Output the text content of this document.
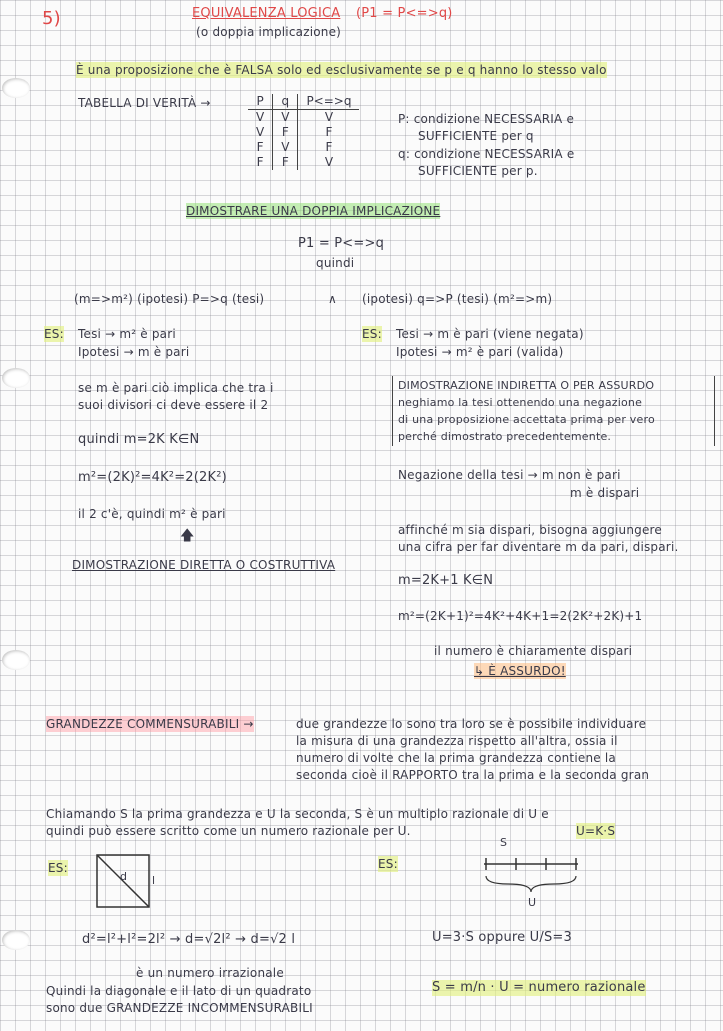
5)	EQUIVALENZA LOGICA (P1 = P<=>q)
(o doppia implicazione)
È una proposizione che è FALSA solo ed esclusivamente se p e q hanno lo stesso valo
TABELLA DI VERITÀ →	P	q	P<=>q
V	V	V
V	F	F
F	V	F
F	F	V
P: condizione NECESSARIA e
SUFFICIENTE per q
q: condizione NECESSARIA e
SUFFICIENTE per p.
DIMOSTRARE UNA DOPPIA IMPLICAZIONE
P1 = P<=>q
quindi
(m=>m²) (ipotesi) P=>q (tesi)	∧ (ipotesi) q=>P (tesi) (m²=>m)
ES: Tesi → m² è pari
Ipotesi → m è pari
se m è pari ciò implica che tra i
suoi divisori ci deve essere il 2
quindi m=2K K∈N
m²=(2K)²=4K²=2(2K²)
il 2 c'è, quindi m² è pari
🡅
DIMOSTRAZIONE DIRETTA O COSTRUTTIVA
ES: Tesi → m è pari (viene negata)
Ipotesi → m² è pari (valida)
DIMOSTRAZIONE INDIRETTA O PER ASSURDO
neghiamo la tesi ottenendo una negazione
di una proposizione accettata prima per vero
perché dimostrato precedentemente.
Negazione della tesi → m non è pari
m è dispari
affinché m sia dispari, bisogna aggiungere
una cifra per far diventare m da pari, dispari.
m=2K+1 K∈N
m²=(2K+1)²=4K²+4K+1=2(2K²+2K)+1
il numero è chiaramente dispari
↳ È ASSURDO!
GRANDEZZE COMMENSURABILI →	due grandezze lo sono tra loro se è possibile individuare
la misura di una grandezza rispetto all'altra, ossia il
numero di volte che la prima grandezza contiene la
seconda cioè il RAPPORTO tra la prima e la seconda gran
Chiamando S la prima grandezza e U la seconda, S è un multiplo razionale di U e
quindi può essere scritto come un numero razionale per U.	U=K·S
ES:
d l
d²=l²+l²=2l² → d=√2l² → d=√2 l
è un numero irrazionale
Quindi la diagonale e il lato di un quadrato
sono due GRANDEZZE INCOMMENSURABILI
ES:
S
U
U=3·S oppure U/S=3
S = m/n · U = numero razionale
